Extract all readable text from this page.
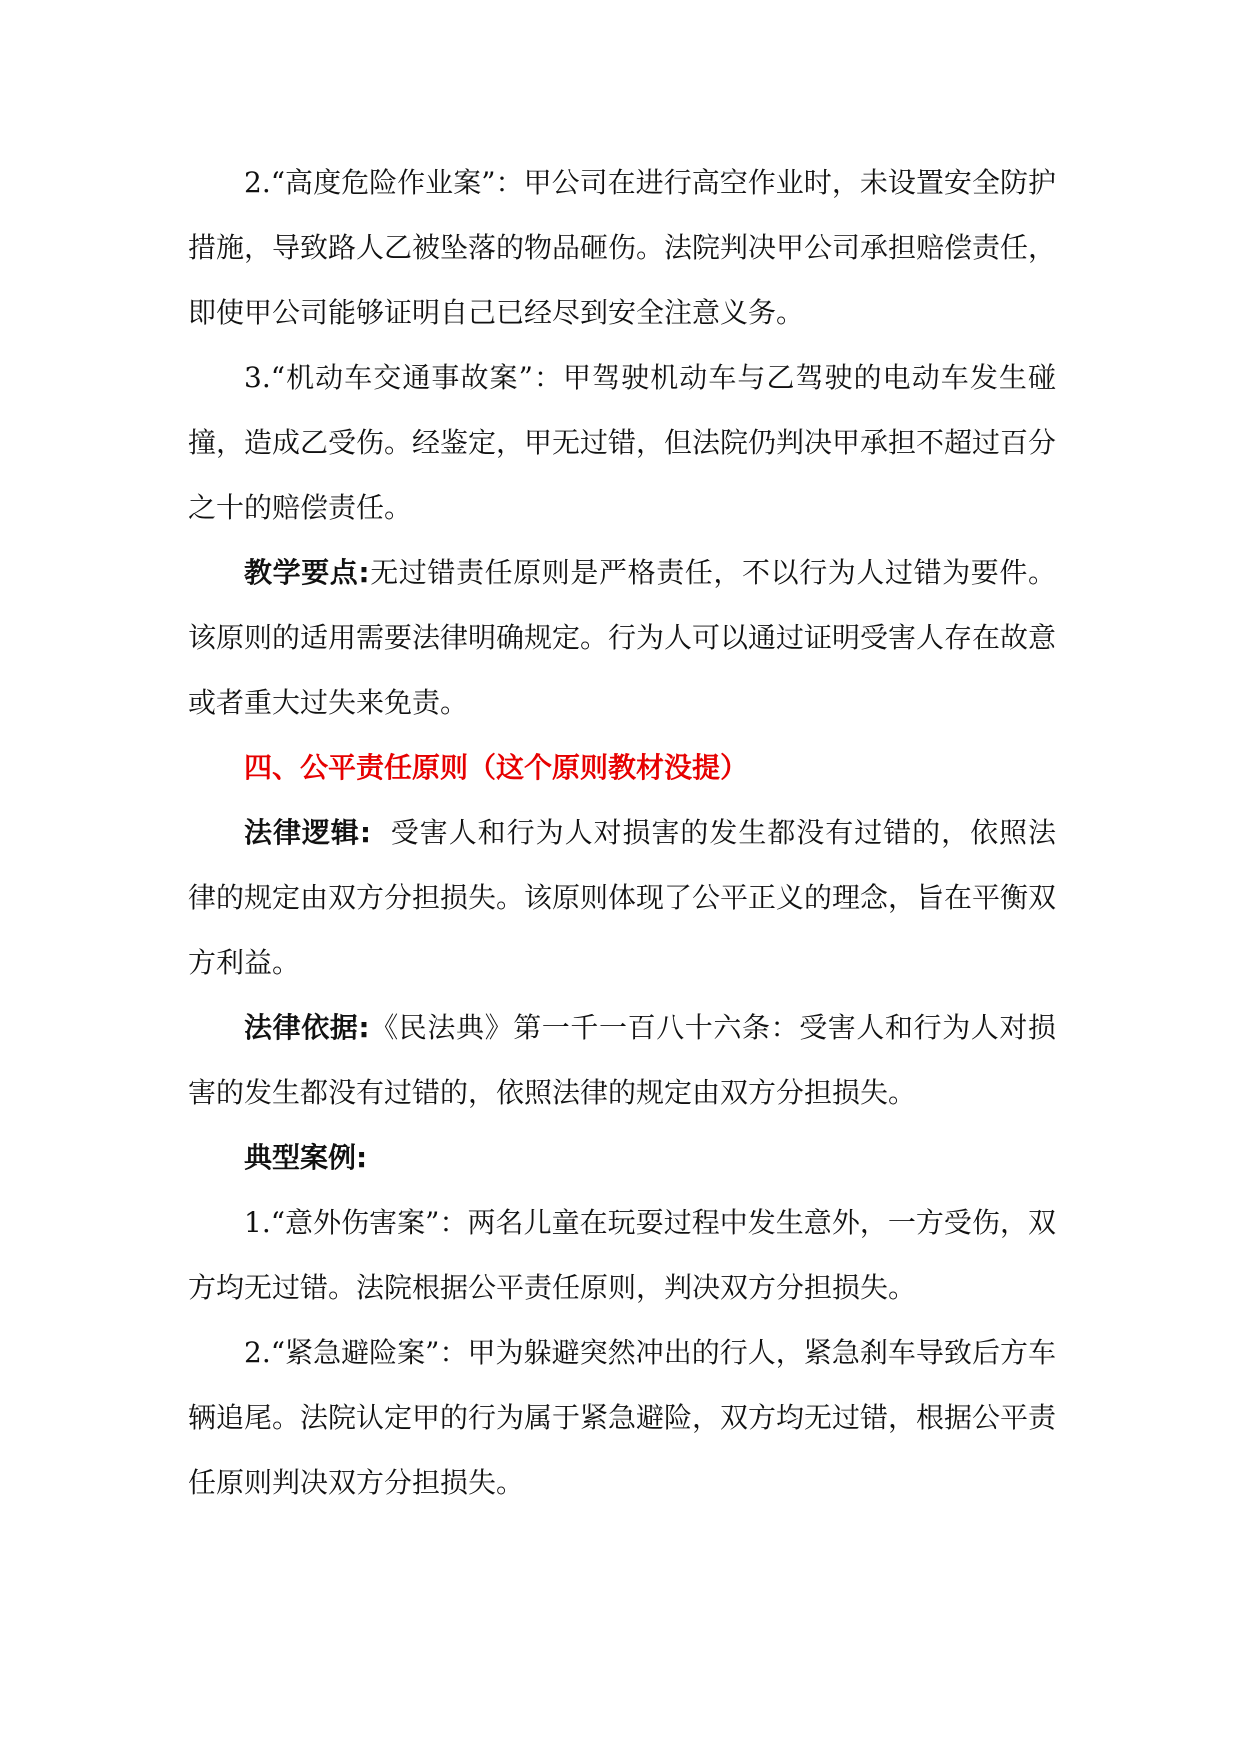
2.“高度危险作业案”：甲公司在进行高空作业时，未设置安全防护措施，导致路人乙被坠落的物品砸伤。法院判决甲公司承担赔偿责任，即使甲公司能够证明自己已经尽到安全注意义务。

3.“机动车交通事故案”：甲驾驶机动车与乙驾驶的电动车发生碰撞，造成乙受伤。经鉴定，甲无过错，但法院仍判决甲承担不超过百分之十的赔偿责任。

教学要点:无过错责任原则是严格责任，不以行为人过错为要件。该原则的适用需要法律明确规定。行为人可以通过证明受害人存在故意或者重大过失来免责。

四、公平责任原则（这个原则教材没提）

法律逻辑:  受害人和行为人对损害的发生都没有过错的，依照法律的规定由双方分担损失。该原则体现了公平正义的理念，旨在平衡双方利益。

法律依据:《民法典》第一千一百八十六条：受害人和行为人对损害的发生都没有过错的，依照法律的规定由双方分担损失。

典型案例:

1.“意外伤害案”：两名儿童在玩耍过程中发生意外，一方受伤，双方均无过错。法院根据公平责任原则，判决双方分担损失。

2.“紧急避险案”：甲为躲避突然冲出的行人，紧急刹车导致后方车辆追尾。法院认定甲的行为属于紧急避险，双方均无过错，根据公平责任原则判决双方分担损失。
